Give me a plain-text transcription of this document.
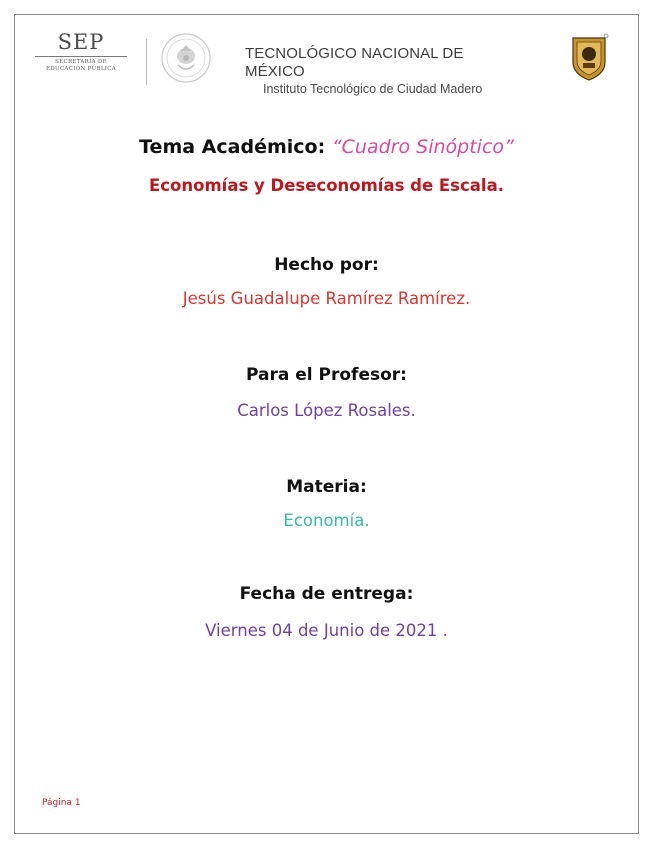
SEP
SECRETARÍA DE
EDUCACIÓN PÚBLICA
TECNOLÓGICO NACIONAL DE MÉXICO
Instituto Tecnológico de Ciudad Madero
Tema Académico: “Cuadro Sinóptico”
Economías y Deseconomías de Escala.
Hecho por:
Jesús Guadalupe Ramírez Ramírez.
Para el Profesor:
Carlos López Rosales.
Materia:
Economía.
Fecha de entrega:
Viernes 04 de Junio de 2021 .
Página 1
